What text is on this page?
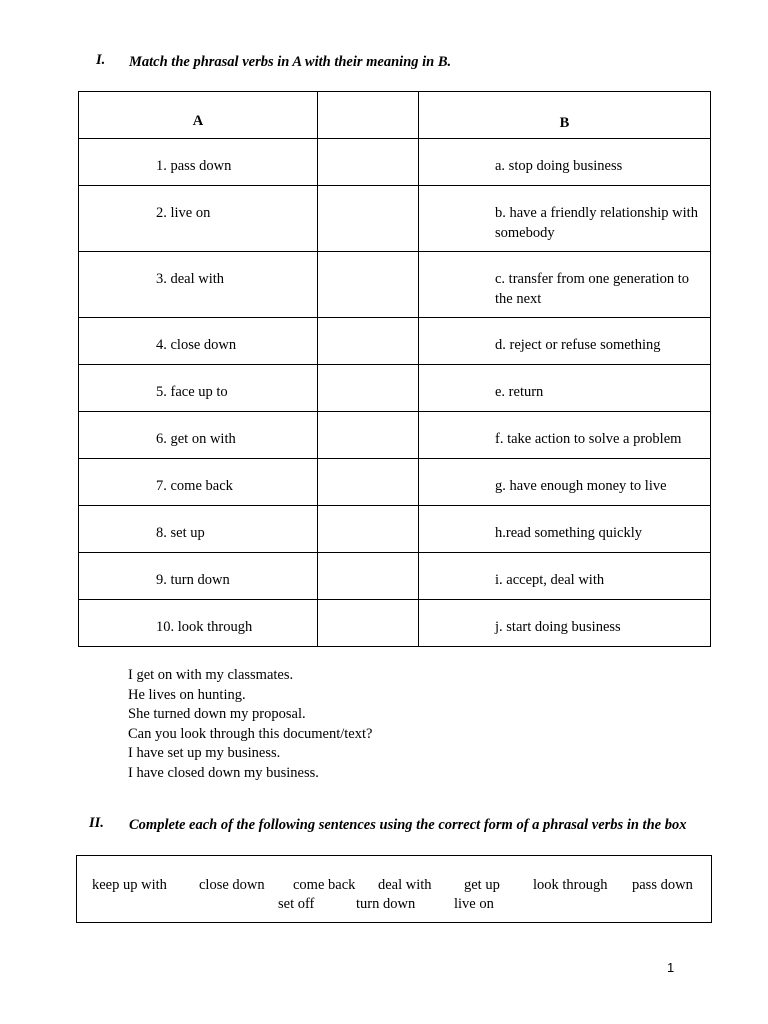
I. Match the phrasal verbs in A with their meaning in B.
A		B
1. pass down		a. stop doing business
2. live on		b. have a friendly relationship with somebody
3. deal with		c. transfer from one generation to the next
4. close down		d. reject or refuse something
5. face up to		e. return
6. get on with		f. take action to solve a problem
7. come back		g. have enough money to live
8. set up		h.read something quickly
9. turn down		i. accept, deal with
10. look through		j. start doing business
I get on with my classmates.
He lives on hunting.
She turned down my proposal.
Can you look through this document/text?
I have set up my business.
I have closed down my business.
II. Complete each of the following sentences using the correct form of a phrasal verbs in the box
keep up with close down come back deal with get up look through pass down
set off	turn down	live on
1
